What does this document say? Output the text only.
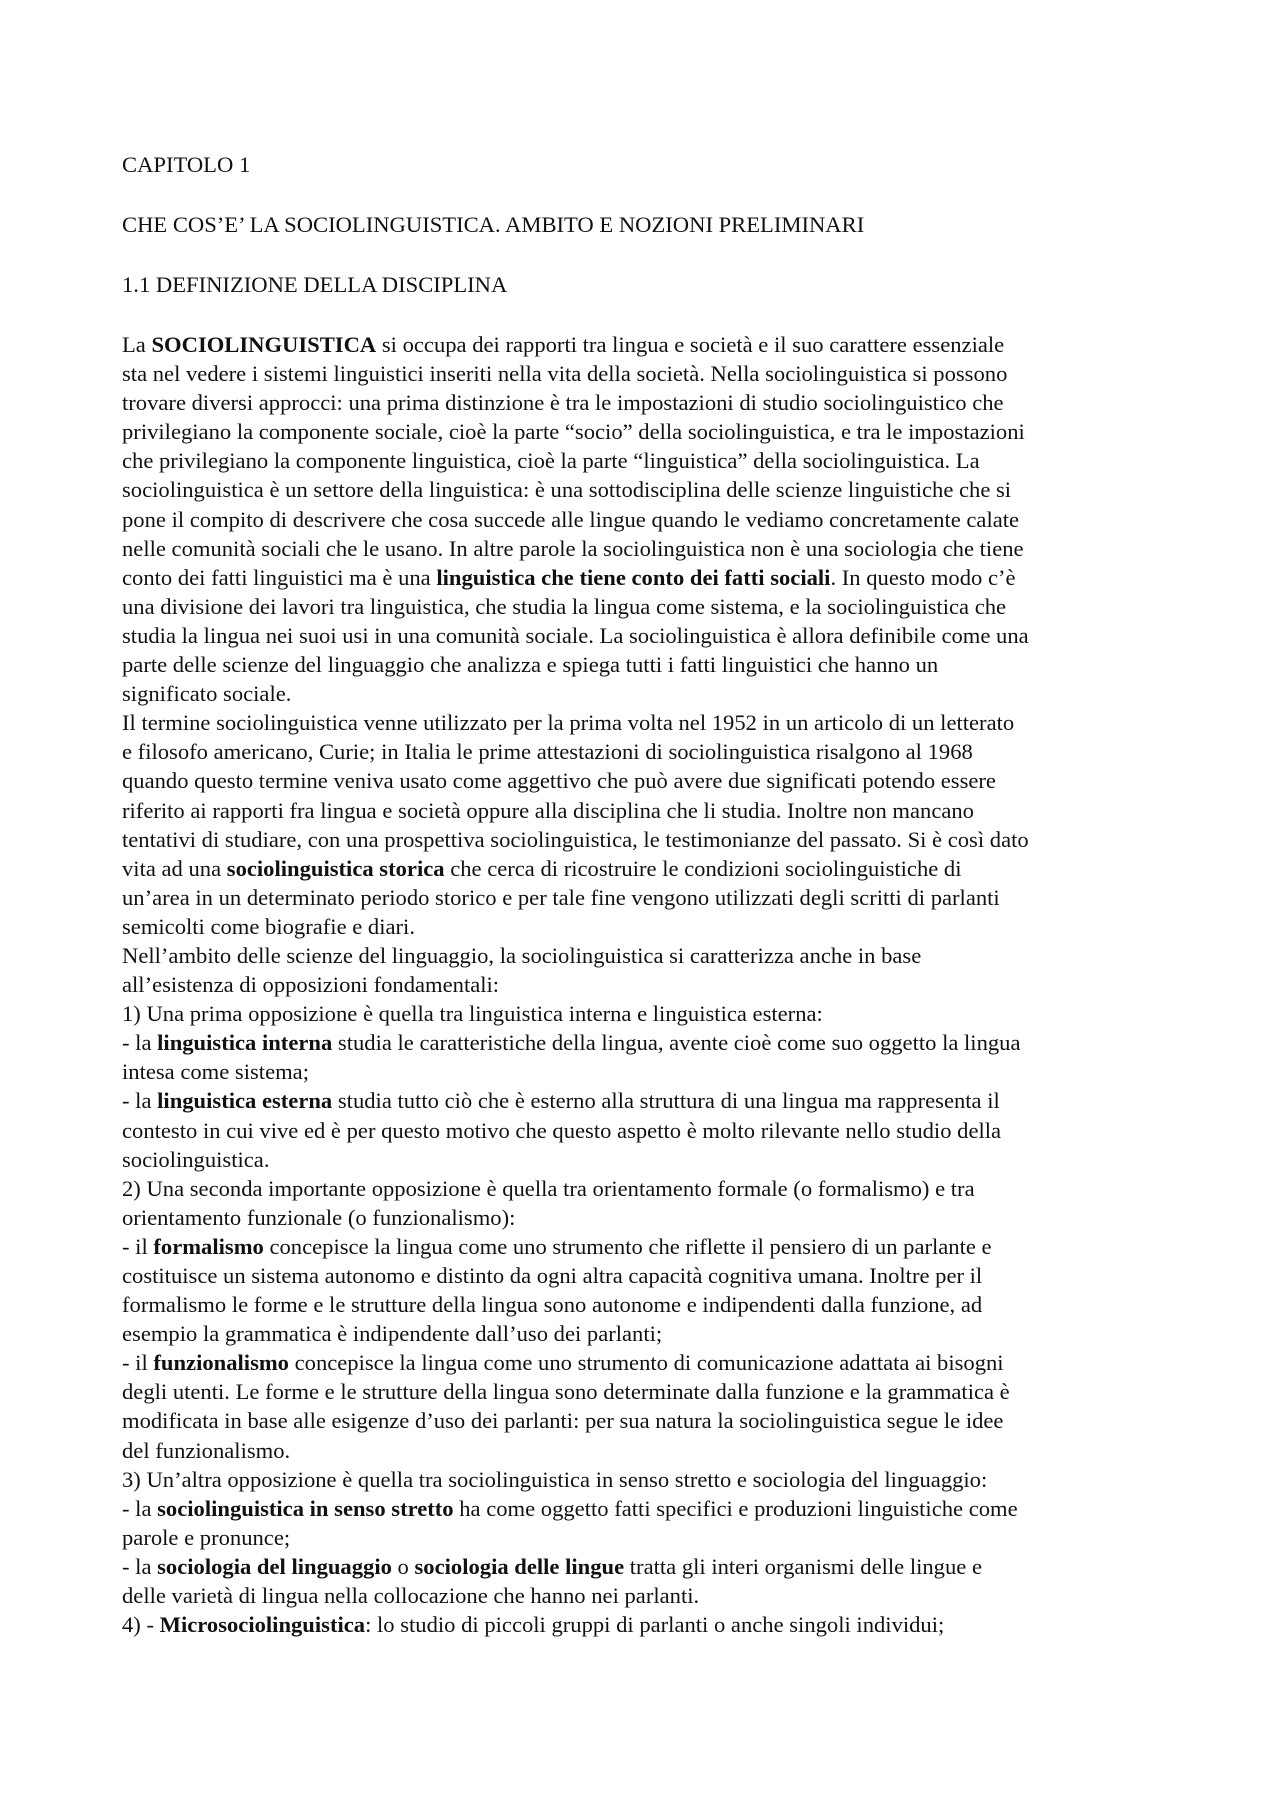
CAPITOLO 1
CHE COS’E’ LA SOCIOLINGUISTICA. AMBITO E NOZIONI PRELIMINARI
1.1 DEFINIZIONE DELLA DISCIPLINA
La SOCIOLINGUISTICA si occupa dei rapporti tra lingua e società e il suo carattere essenziale
sta nel vedere i sistemi linguistici inseriti nella vita della società. Nella sociolinguistica si possono
trovare diversi approcci: una prima distinzione è tra le impostazioni di studio sociolinguistico che
privilegiano la componente sociale, cioè la parte “socio” della sociolinguistica, e tra le impostazioni
che privilegiano la componente linguistica, cioè la parte “linguistica” della sociolinguistica. La
sociolinguistica è un settore della linguistica: è una sottodisciplina delle scienze linguistiche che si
pone il compito di descrivere che cosa succede alle lingue quando le vediamo concretamente calate
nelle comunità sociali che le usano. In altre parole la sociolinguistica non è una sociologia che tiene
conto dei fatti linguistici ma è una linguistica che tiene conto dei fatti sociali. In questo modo c’è
una divisione dei lavori tra linguistica, che studia la lingua come sistema, e la sociolinguistica che
studia la lingua nei suoi usi in una comunità sociale. La sociolinguistica è allora definibile come una
parte delle scienze del linguaggio che analizza e spiega tutti i fatti linguistici che hanno un
significato sociale.
Il termine sociolinguistica venne utilizzato per la prima volta nel 1952 in un articolo di un letterato
e filosofo americano, Curie; in Italia le prime attestazioni di sociolinguistica risalgono al 1968
quando questo termine veniva usato come aggettivo che può avere due significati potendo essere
riferito ai rapporti fra lingua e società oppure alla disciplina che li studia. Inoltre non mancano
tentativi di studiare, con una prospettiva sociolinguistica, le testimonianze del passato. Si è così dato
vita ad una sociolinguistica storica che cerca di ricostruire le condizioni sociolinguistiche di
un’area in un determinato periodo storico e per tale fine vengono utilizzati degli scritti di parlanti
semicolti come biografie e diari.
Nell’ambito delle scienze del linguaggio, la sociolinguistica si caratterizza anche in base
all’esistenza di opposizioni fondamentali:
1) Una prima opposizione è quella tra linguistica interna e linguistica esterna:
- la linguistica interna studia le caratteristiche della lingua, avente cioè come suo oggetto la lingua
intesa come sistema;
- la linguistica esterna studia tutto ciò che è esterno alla struttura di una lingua ma rappresenta il
contesto in cui vive ed è per questo motivo che questo aspetto è molto rilevante nello studio della
sociolinguistica.
2) Una seconda importante opposizione è quella tra orientamento formale (o formalismo) e tra
orientamento funzionale (o funzionalismo):
- il formalismo concepisce la lingua come uno strumento che riflette il pensiero di un parlante e
costituisce un sistema autonomo e distinto da ogni altra capacità cognitiva umana. Inoltre per il
formalismo le forme e le strutture della lingua sono autonome e indipendenti dalla funzione, ad
esempio la grammatica è indipendente dall’uso dei parlanti;
- il funzionalismo concepisce la lingua come uno strumento di comunicazione adattata ai bisogni
degli utenti. Le forme e le strutture della lingua sono determinate dalla funzione e la grammatica è
modificata in base alle esigenze d’uso dei parlanti: per sua natura la sociolinguistica segue le idee
del funzionalismo.
3) Un’altra opposizione è quella tra sociolinguistica in senso stretto e sociologia del linguaggio:
- la sociolinguistica in senso stretto ha come oggetto fatti specifici e produzioni linguistiche come
parole e pronunce;
- la sociologia del linguaggio o sociologia delle lingue tratta gli interi organismi delle lingue e
delle varietà di lingua nella collocazione che hanno nei parlanti.
4) - Microsociolinguistica: lo studio di piccoli gruppi di parlanti o anche singoli individui;
